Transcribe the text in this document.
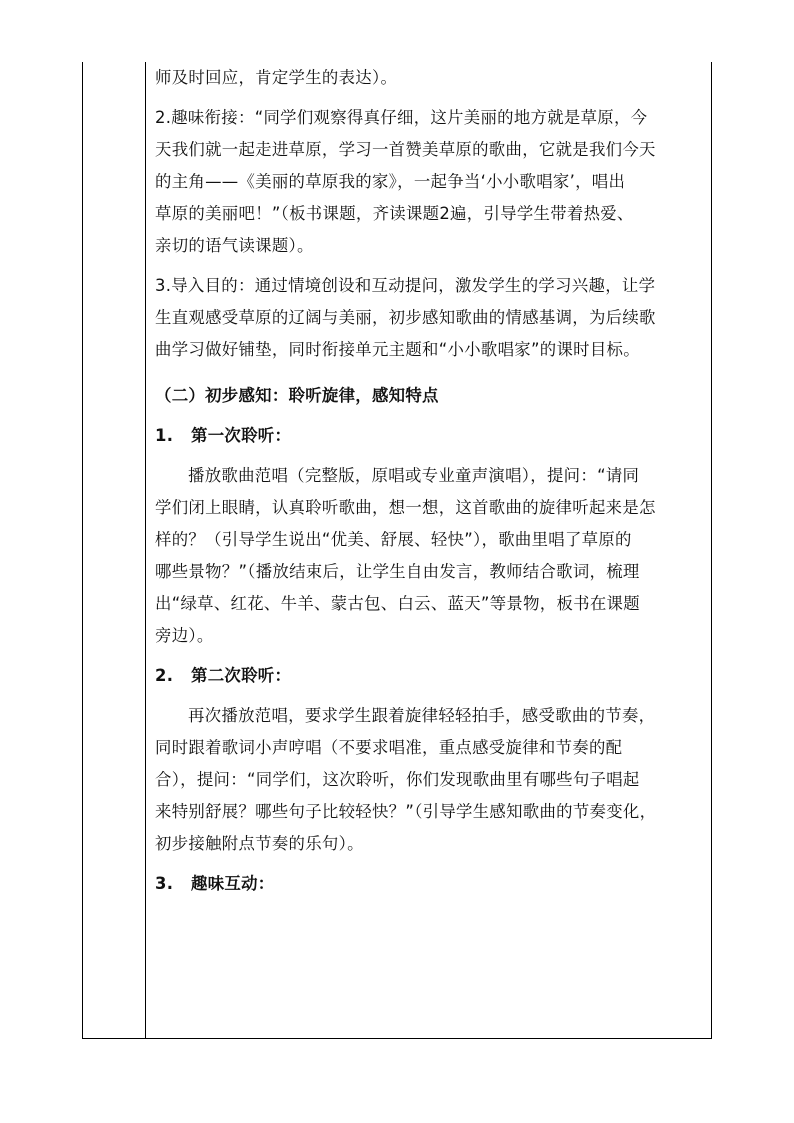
师及时回应，肯定学生的表达）。
2.趣味衔接：“同学们观察得真仔细，这片美丽的地方就是草原，今
天我们就一起走进草原，学习一首赞美草原的歌曲，它就是我们今天
的主角——《美丽的草原我的家》，一起争当‘小小歌唱家’，唱出
草原的美丽吧！”（板书课题，齐读课题2遍，引导学生带着热爱、
亲切的语气读课题）。
3.导入目的：通过情境创设和互动提问，激发学生的学习兴趣，让学
生直观感受草原的辽阔与美丽，初步感知歌曲的情感基调，为后续歌
曲学习做好铺垫，同时衔接单元主题和“小小歌唱家”的课时目标。
（二）初步感知：聆听旋律，感知特点
1. 第一次聆听：
播放歌曲范唱（完整版，原唱或专业童声演唱），提问：“请同
学们闭上眼睛，认真聆听歌曲，想一想，这首歌曲的旋律听起来是怎
样的？（引导学生说出“优美、舒展、轻快”），歌曲里唱了草原的
哪些景物？”（播放结束后，让学生自由发言，教师结合歌词，梳理
出“绿草、红花、牛羊、蒙古包、白云、蓝天”等景物，板书在课题
旁边）。
2. 第二次聆听：
再次播放范唱，要求学生跟着旋律轻轻拍手，感受歌曲的节奏，
同时跟着歌词小声哼唱（不要求唱准，重点感受旋律和节奏的配
合），提问：“同学们，这次聆听，你们发现歌曲里有哪些句子唱起
来特别舒展？哪些句子比较轻快？”（引导学生感知歌曲的节奏变化，
初步接触附点节奏的乐句）。
3. 趣味互动：
